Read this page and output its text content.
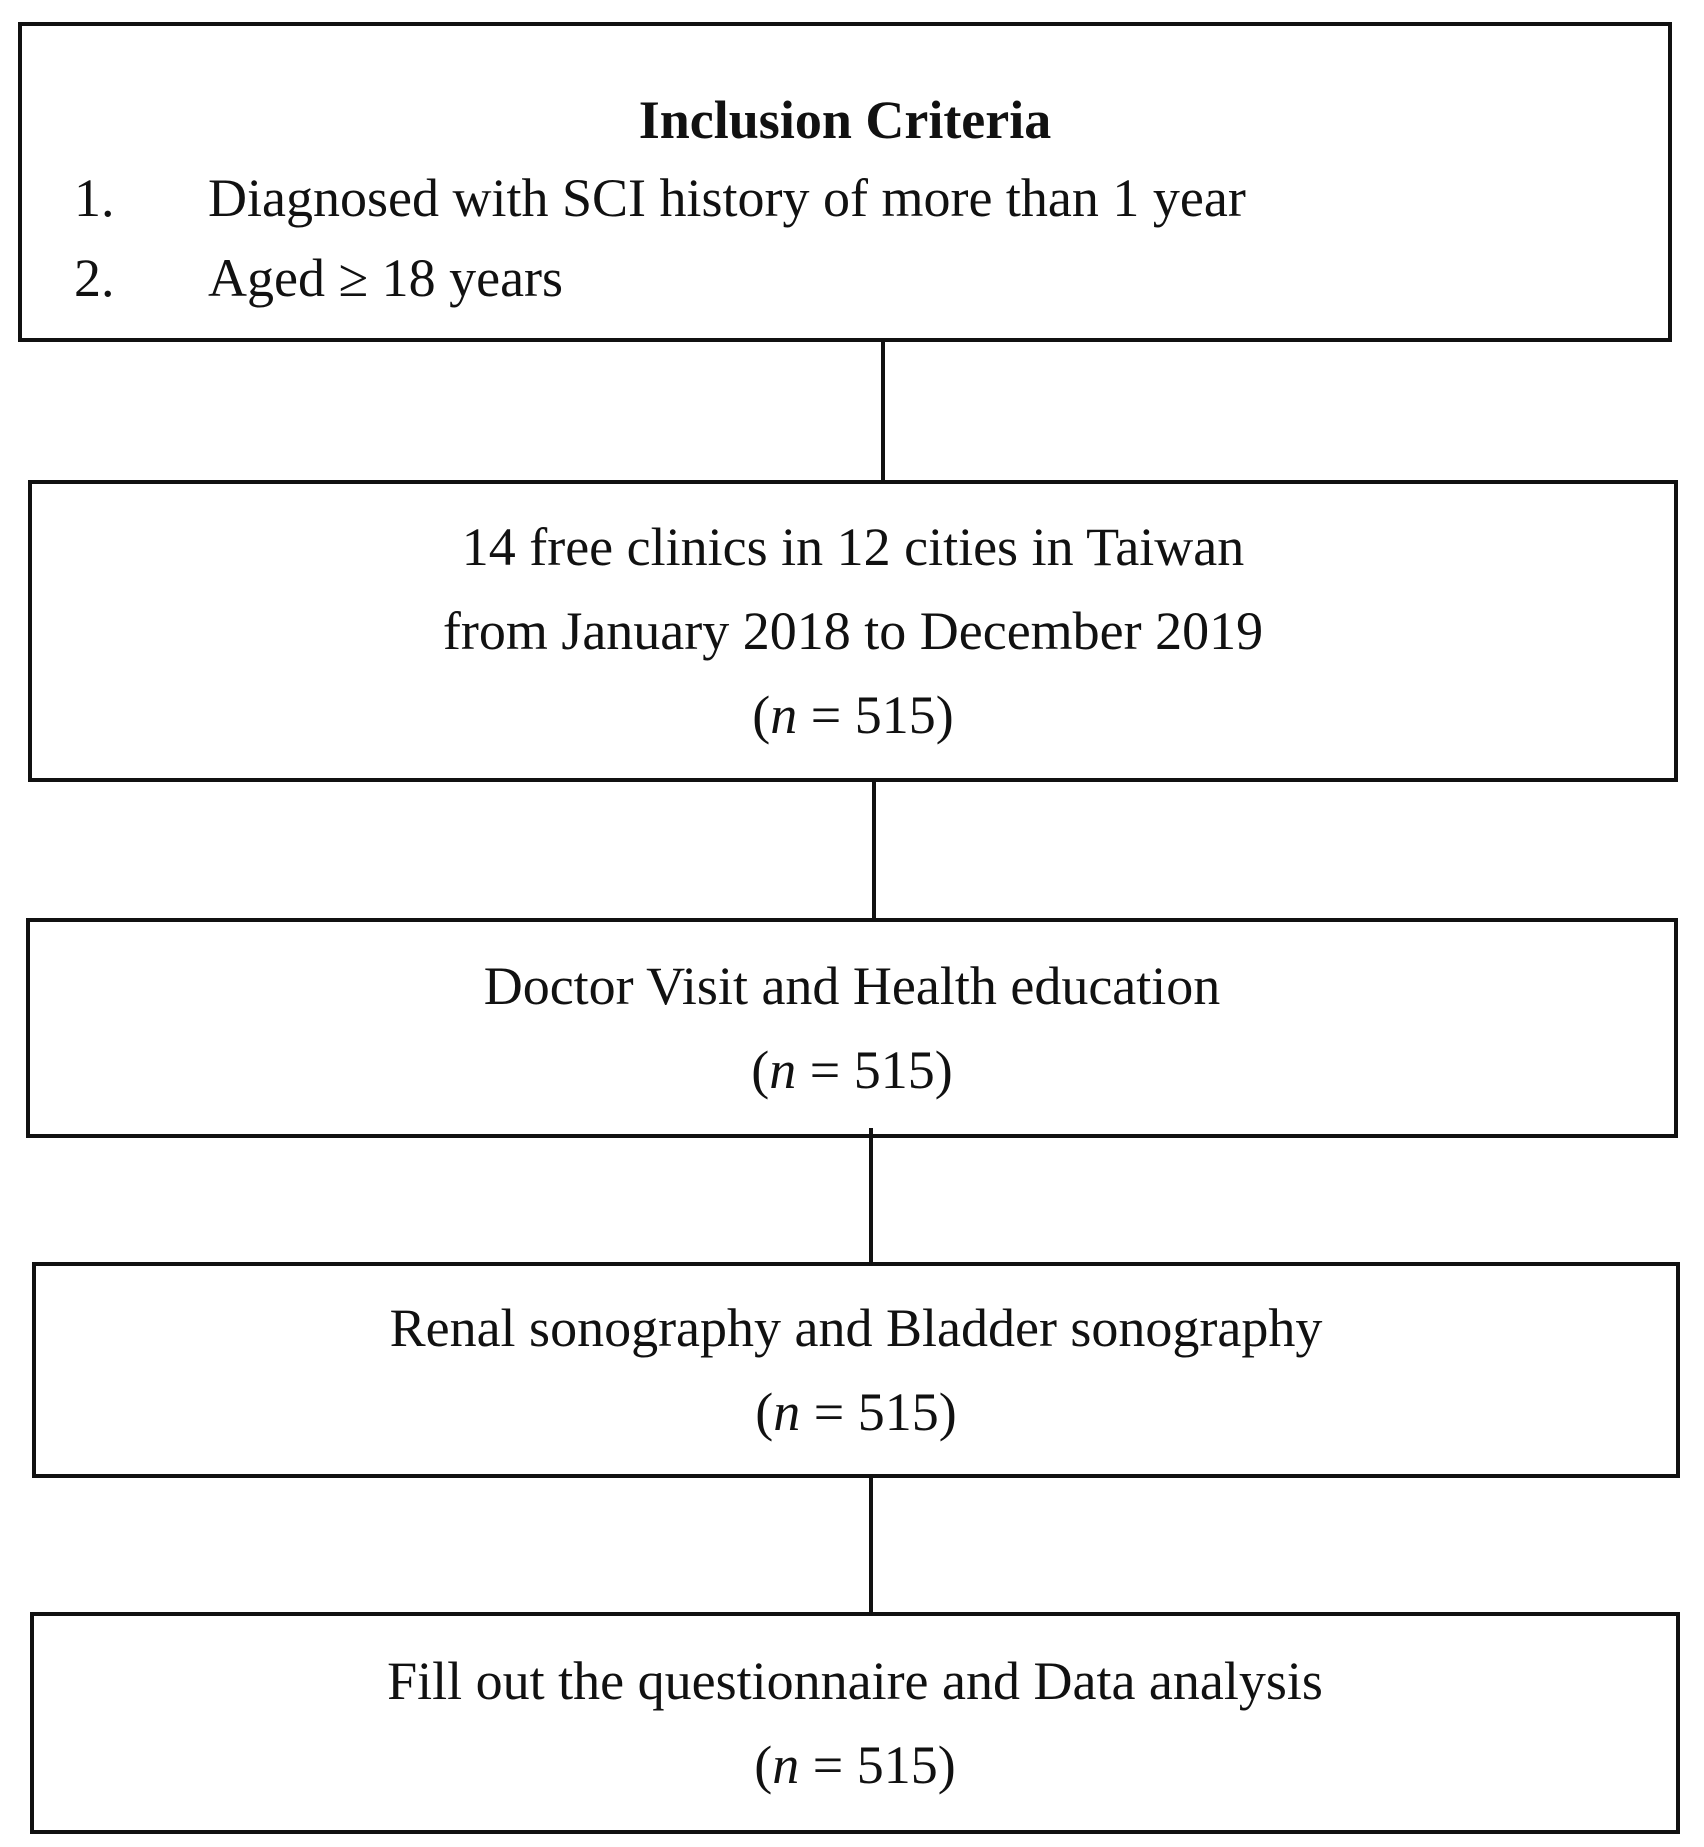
Inclusion Criteria
1.	Diagnosed with SCI history of more than 1 year
2.	Aged ≥ 18 years
14 free clinics in 12 cities in Taiwan
from January 2018 to December 2019
(n = 515)
Doctor Visit and Health education
(n = 515)
Renal sonography and Bladder sonography
(n = 515)
Fill out the questionnaire and Data analysis
(n = 515)
